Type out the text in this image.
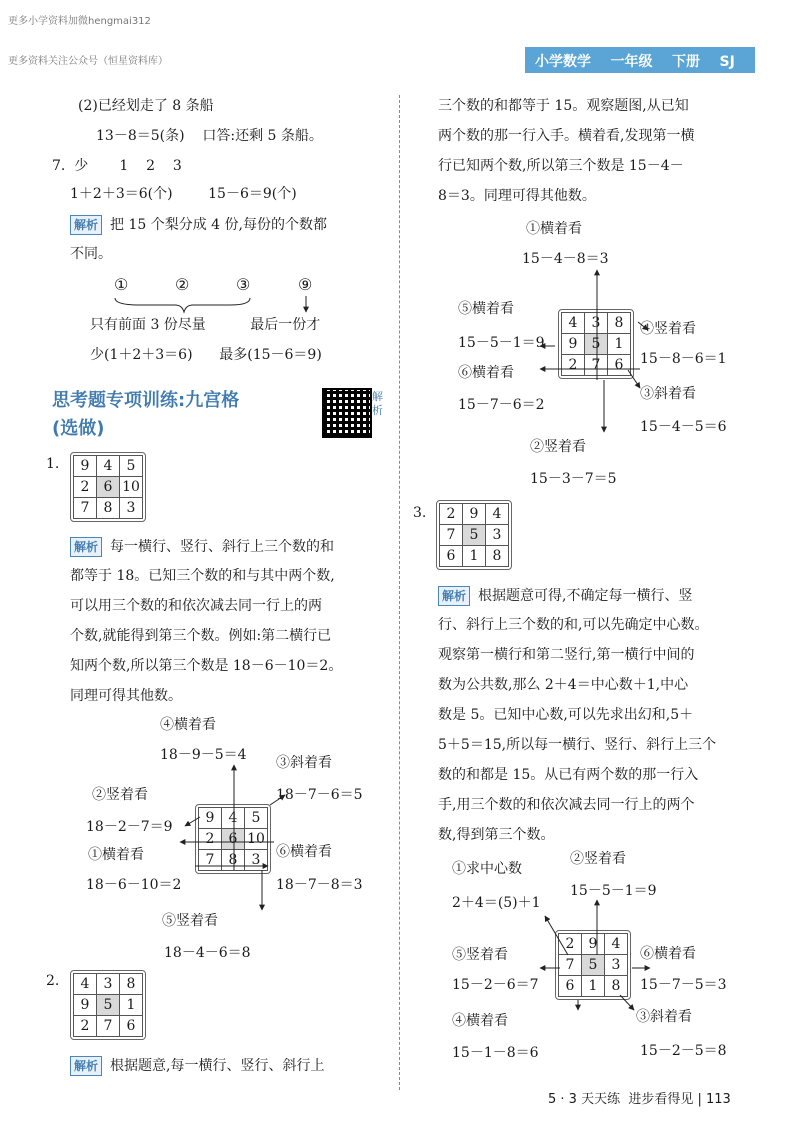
更多小学资料加微hengmai312
更多资料关注公众号（恒星资料库）	小学数学    一年级    下册    SJ
(2)已经划走了 8 条船
13－8＝5(条)    口答:还剩 5 条船。
7.  少       1    2    3
1＋2＋3＝6(个)        15－6＝9(个)
解析 把 15 个梨分成 4 份,每份的个数都
不同。
①	②	③	⑨
只有前面 3 份尽量          最后一份才
少(1＋2＋3＝6)      最多(15－6＝9)
思考题专项训练:九宫格
(选做)
解析
1. 9	4	5
2	6	10
7	8	3
解析 每一横行、竖行、斜行上三个数的和
都等于 18。已知三个数的和与其中两个数,
可以用三个数的和依次减去同一行上的两
个数,就能得到第三个数。例如:第二横行已
知两个数,所以第三个数是 18－6－10＝2。
同理可得其他数。
④横着看
18－9－5＝4 ③斜着看
②竖着看	18－7－6＝5
18－2－7＝9
①横着看	⑥横着看
18－6－10＝2	18－7－8＝3
⑤竖着看
18－4－6＝8
9	4	5
2	6	10
7	8	3
2. 4	3	8
9	5	1
2	7	6
解析 根据题意,每一横行、竖行、斜行上
三个数的和都等于 15。观察题图,从已知
两个数的那一行入手。横着看,发现第一横
行已知两个数,所以第三个数是 15－4－
8＝3。同理可得其他数。
①横着看
15－4－8＝3
⑤横着看
④竖着看
15－5－1＝9
15－8－6＝1
⑥横着看
③斜着看
15－7－6＝2
15－4－5＝6
②竖着看
15－3－7＝5
4	3	8
9	5	1
2	7	6
3. 2	9	4
7	5	3
6	1	8
解析 根据题意可得,不确定每一横行、竖
行、斜行上三个数的和,可以先确定中心数。
观察第一横行和第二竖行,第一横行中间的
数为公共数,那么 2＋4＝中心数＋1,中心
数是 5。已知中心数,可以先求出幻和,5＋
5＋5＝15,所以每一横行、竖行、斜行上三个
数的和都是 15。从已有两个数的那一行入
手,用三个数的和依次减去同一行上的两个
数,得到第三个数。
①求中心数
②竖着看
15－5－1＝9
2＋4＝(5)＋1
⑤竖着看	⑥横着看
15－2－6＝7	15－7－5＝3
④横着看	③斜着看
15－1－8＝6	15－2－5＝8
2	9	4
7	5	3
6	1	8
5 · 3 天天练  进步看得见 | 113
